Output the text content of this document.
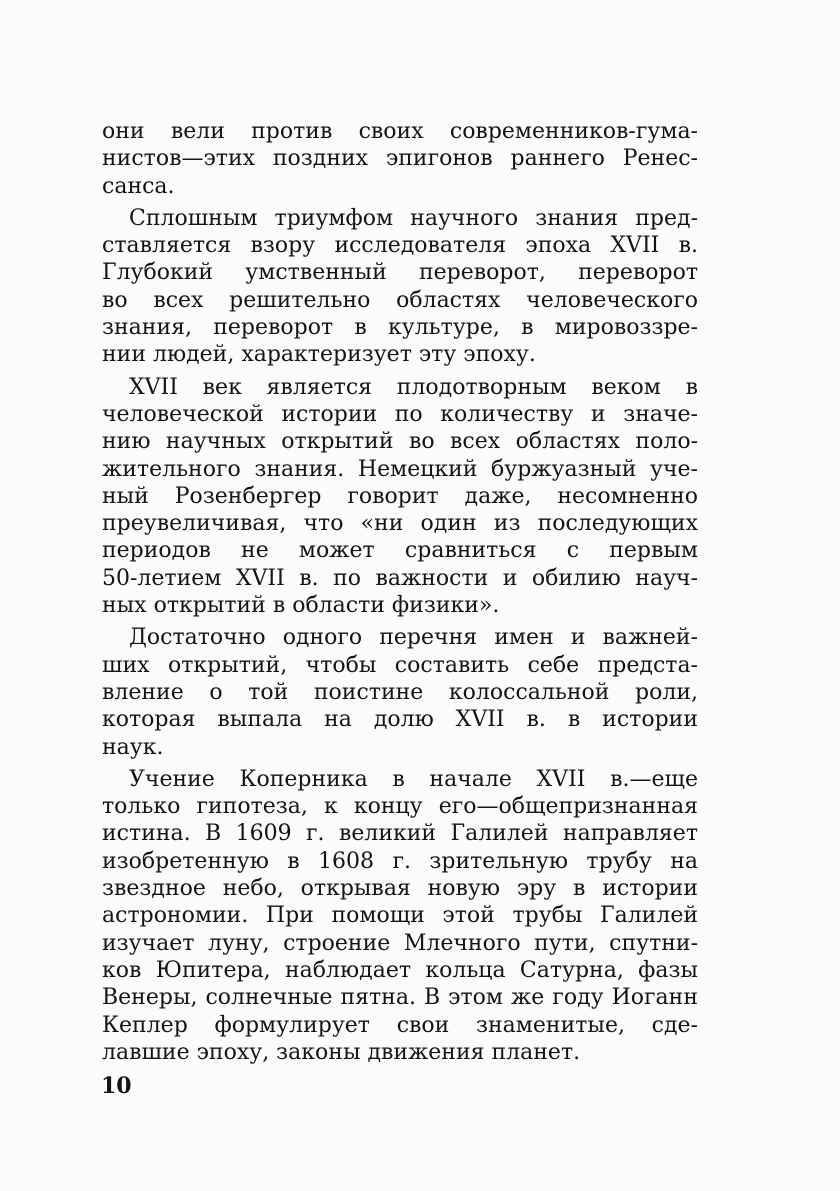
они вели против своих современников-гума-
нистов—этих поздних эпигонов раннего Ренес-
санса.
Сплошным триумфом научного знания пред-
ставляется взору исследователя эпоха XVII в.
Глубокий умственный переворот, переворот
во всех решительно областях человеческого
знания, переворот в культуре, в мировоззре-
нии людей, характеризует эту эпоху.
XVII век является плодотворным веком в
человеческой истории по количеству и значе-
нию научных открытий во всех областях поло-
жительного знания. Немецкий буржуазный уче-
ный Розенбергер говорит даже, несомненно
преувеличивая, что «ни один из последующих
периодов не может сравниться с первым
50-летием XVII в. по важности и обилию науч-
ных открытий в области физики».
Достаточно одного перечня имен и важней-
ших открытий, чтобы составить себе предста-
вление о той поистине колоссальной роли,
которая выпала на долю XVII в. в истории
наук.
Учение Коперника в начале XVII в.—еще
только гипотеза, к концу его—общепризнанная
истина. В 1609 г. великий Галилей направляет
изобретенную в 1608 г. зрительную трубу на
звездное небо, открывая новую эру в истории
астрономии. При помощи этой трубы Галилей
изучает луну, строение Млечного пути, спутни-
ков Юпитера, наблюдает кольца Сатурна, фазы
Венеры, солнечные пятна. В этом же году Иоганн
Кеплер формулирует свои знаменитые, сде-
лавшие эпоху, законы движения планет.
10
